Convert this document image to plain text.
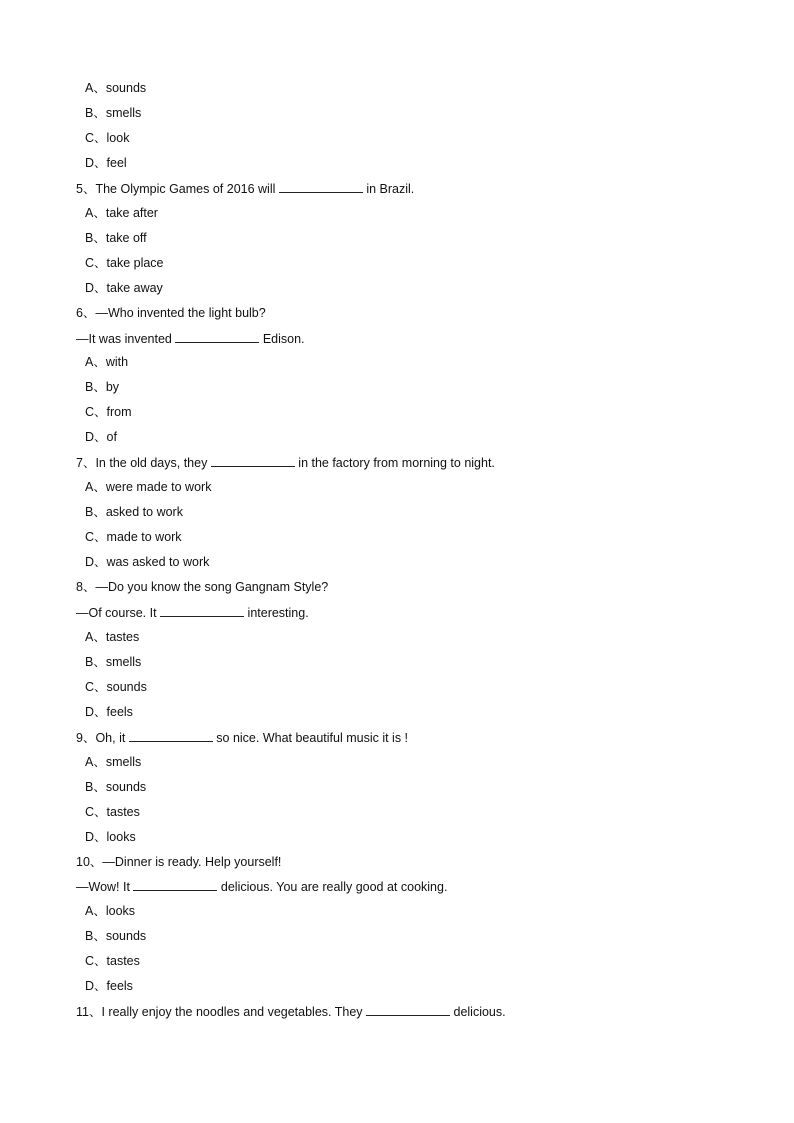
A、sounds
B、smells
C、look
D、feel
5、The Olympic Games of 2016 will	in Brazil.
A、take after
B、take off
C、take place
D、take away
6、—Who invented the light bulb?
—It was invented	Edison.
A、with
B、by
C、from
D、of
7、In the old days, they	in the factory from morning to night.
A、were made to work
B、asked to work
C、made to work
D、was asked to work
8、—Do you know the song Gangnam Style?
—Of course. It	interesting.
A、tastes
B、smells
C、sounds
D、feels
9、Oh, it	so nice. What beautiful music it is !
A、smells
B、sounds
C、tastes
D、looks
10、—Dinner is ready. Help yourself!
—Wow! It	delicious. You are really good at cooking.
A、looks
B、sounds
C、tastes
D、feels
11、I really enjoy the noodles and vegetables. They	delicious.
